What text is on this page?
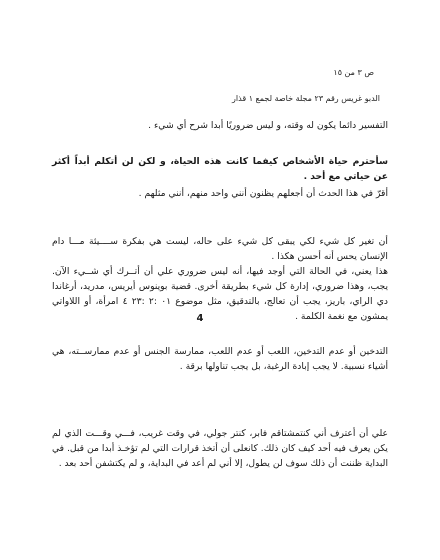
ص ٣ من ١٥
الدبو غريس رقم ٢٣ مجلة خاصة لجمع ١ قذار

التفسير دائما يكون له وقته، و ليس ضروريًا أبدا شرح أي شيء .

سأحترم حياة الأشخاص كيفما كانت هذه الحياة، و لكن لن أتكلم أبداً أكثر عن حياتي مع أحد .

أقرّ في هذا الحدث أن أجعلهم يظنون أنني واحد منهم، أنني مثلهم .

أن تغير كل شيء لكي يبقى كل شيء على حاله، ليست هي بفكرة ســــيئة مـــا دام الإنسان يحس أنه أحسن هكذا .

هذا يعني، في الحالة التي أوجد فيها، أنه ليس ضروري علي أن أتــرك أي شــيء الآن. يجب، وهذا ضروري، إدارة كل شيء بطريقة أخرى. قضية بوينوس أيريس، مدريد، أرغاندا دي الراي، باريز، يجب أن تعالج، بالتدقيق، مثل موضوع ٠١ :٢ :٢٣ ٤ امرأة، أو اللاواتي يمشون مع نغمة الكلمة .

4

التدخين أو عدم التدخين، اللعب أو عدم اللعب، ممارسة الجنس أو عدم ممارســته، هي أشياء نسبية. لا يجب إبادة الرغبة، بل يجب تناولها برقة .

علي أن أعترف أني كنتمشتاقم فابر، كنتر جولي، في وقت غريب، فـــي وقـــت الذي لم يكن يعرف فيه أحد كيف كان ذلك. كانعلى أن أتخذ قرارات التي لم تؤخـذ أبدا من قبل. في البداية ظننت أن ذلك سوف لن يطول، إلا أني لم أعد في البداية، و لم يكتشفن أحد بعد .
